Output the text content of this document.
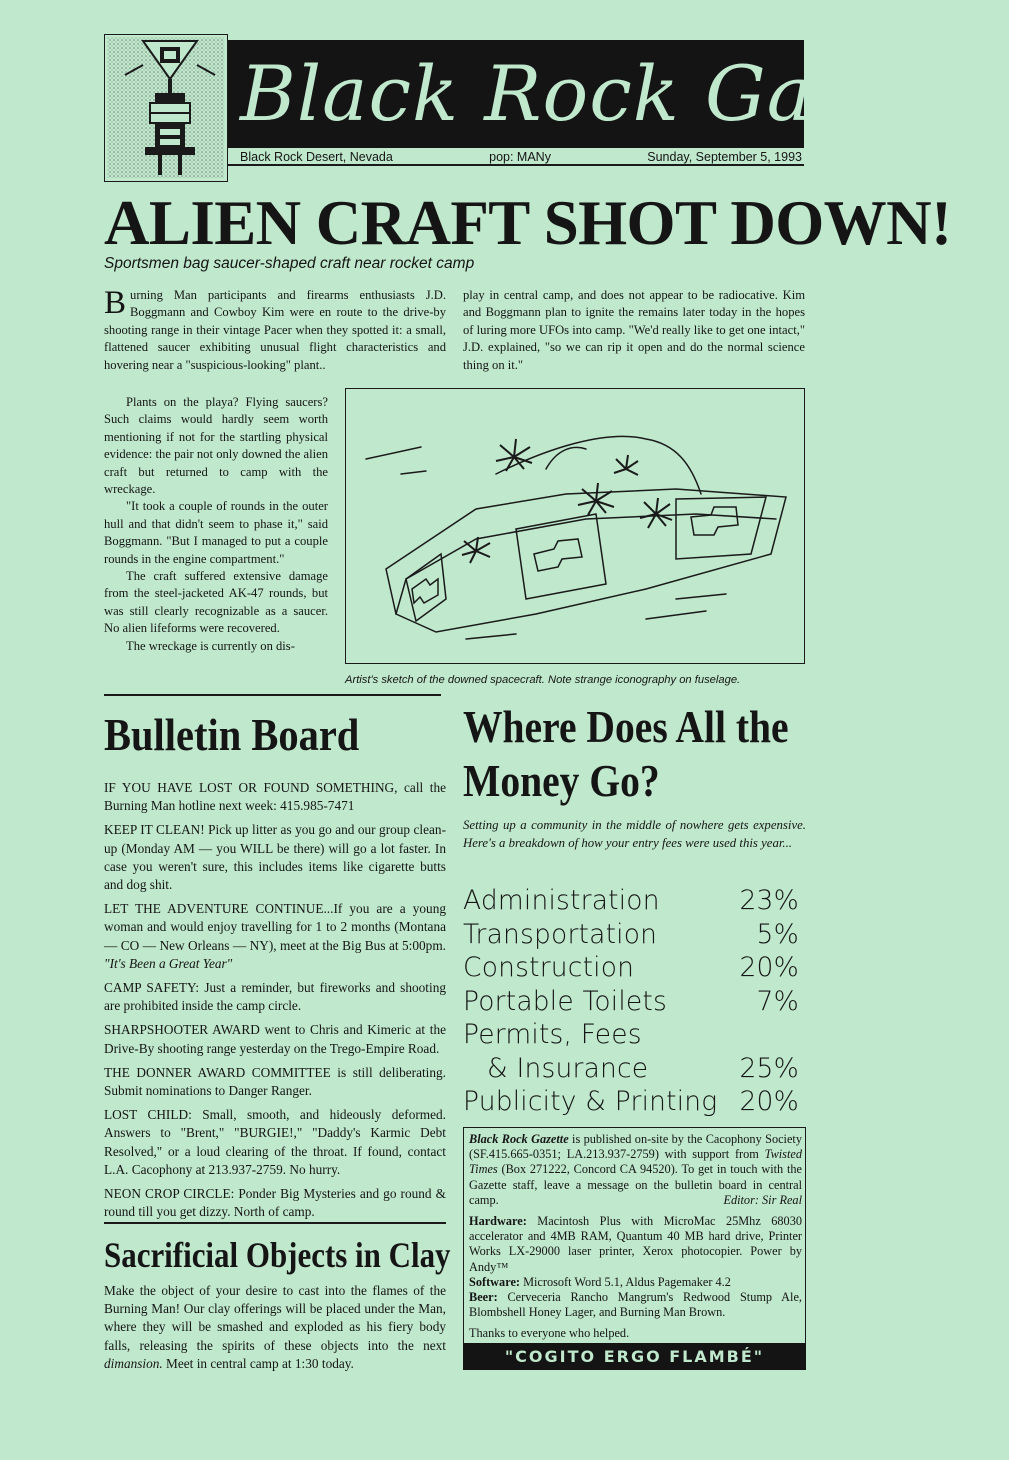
Black Rock Gazette
Black Rock Desert, Nevada	pop: MANy	Sunday, September 5, 1993
ALIEN CRAFT SHOT DOWN!
Sportsmen bag saucer-shaped craft near rocket camp

Burning Man participants and firearms enthusiasts J.D. Boggmann and Cowboy Kim were en route to the drive-by shooting range in their vintage Pacer when they spotted it: a small, flattened saucer exhibiting unusual flight characteristics and hovering near a "suspicious-looking" plant..

play in central camp, and does not appear to be radiocative. Kim and Boggmann plan to ignite the remains later today in the hopes of luring more UFOs into camp. "We'd really like to get one intact," J.D. explained, "so we can rip it open and do the normal science thing on it."

Plants on the playa? Flying saucers? Such claims would hardly seem worth mentioning if not for the startling physical evidence: the pair not only downed the alien craft but returned to camp with the wreckage.

"It took a couple of rounds in the outer hull and that didn't seem to phase it," said Boggmann. "But I managed to put a couple rounds in the engine compartment."

The craft suffered extensive damage from the steel-jacketed AK-47 rounds, but was still clearly recognizable as a saucer. No alien lifeforms were recovered.

The wreckage is currently on dis-

Artist's sketch of the downed spacecraft. Note strange iconography on fuselage.
Bulletin Board

IF YOU HAVE LOST OR FOUND SOMETHING, call the Burning Man hotline next week: 415.985-7471

KEEP IT CLEAN! Pick up litter as you go and our group clean-up (Monday AM — you WILL be there) will go a lot faster. In case you weren't sure, this includes items like cigarette butts and dog shit.

LET THE ADVENTURE CONTINUE...If you are a young woman and would enjoy travelling for 1 to 2 months (Montana — CO — New Orleans — NY), meet at the Big Bus at 5:00pm. "It's Been a Great Year"

CAMP SAFETY: Just a reminder, but fireworks and shooting are prohibited inside the camp circle.

SHARPSHOOTER AWARD went to Chris and Kimeric at the Drive-By shooting range yesterday on the Trego-Empire Road.

THE DONNER AWARD COMMITTEE is still deliberating. Submit nominations to Danger Ranger.

LOST CHILD: Small, smooth, and hideously deformed. Answers to "Brent," "BURGIE!," "Daddy's Karmic Debt Resolved," or a loud clearing of the throat. If found, contact L.A. Cacophony at 213.937-2759. No hurry.

NEON CROP CIRCLE: Ponder Big Mysteries and go round & round till you get dizzy. North of camp.

Sacrificial Objects in Clay

Make the object of your desire to cast into the flames of the Burning Man! Our clay offerings will be placed under the Man, where they will be smashed and exploded as his fiery body falls, releasing the spirits of these objects into the next dimansion. Meet in central camp at 1:30 today.

Where Does All the
Money Go?
Setting up a community in the middle of nowhere gets expensive. Here's a breakdown of how your entry fees were used this year...
Administration	23%
Transportation	5%
Construction	20%
Portable Toilets	7%
Permits, Fees
& Insurance	25%
Publicity & Printing 20%

Black Rock Gazette is published on-site by the Cacophony Society (SF.415.665-0351; LA.213.937-2759) with support from Twisted Times (Box 271222, Concord CA 94520). To get in touch with the Gazette staff, leave a message on the bulletin board in central camp.	Editor: Sir Real

Hardware: Macintosh Plus with MicroMac 25Mhz 68030 accelerator and 4MB RAM, Quantum 40 MB hard drive, Printer Works LX-29000 laser printer, Xerox photocopier. Power by Andy™

Software: Microsoft Word 5.1, Aldus Pagemaker 4.2

Beer: Cerveceria Rancho Mangrum's Redwood Stump Ale, Blombshell Honey Lager, and Burning Man Brown.

Thanks to everyone who helped.

"COGITO ERGO FLAMBÉ"
